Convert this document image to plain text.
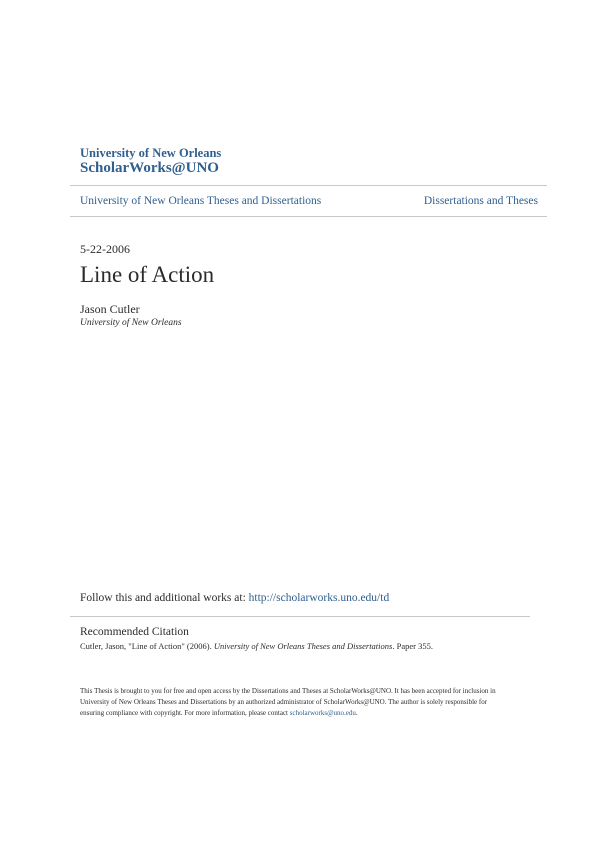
University of New Orleans
ScholarWorks@UNO
University of New Orleans Theses and Dissertations	Dissertations and Theses
5-22-2006
Line of Action
Jason Cutler
University of New Orleans
Follow this and additional works at: http://scholarworks.uno.edu/td
Recommended Citation
Cutler, Jason, "Line of Action" (2006). University of New Orleans Theses and Dissertations. Paper 355.
This Thesis is brought to you for free and open access by the Dissertations and Theses at ScholarWorks@UNO. It has been accepted for inclusion in
University of New Orleans Theses and Dissertations by an authorized administrator of ScholarWorks@UNO. The author is solely responsible for
ensuring compliance with copyright. For more information, please contact scholarworks@uno.edu.
